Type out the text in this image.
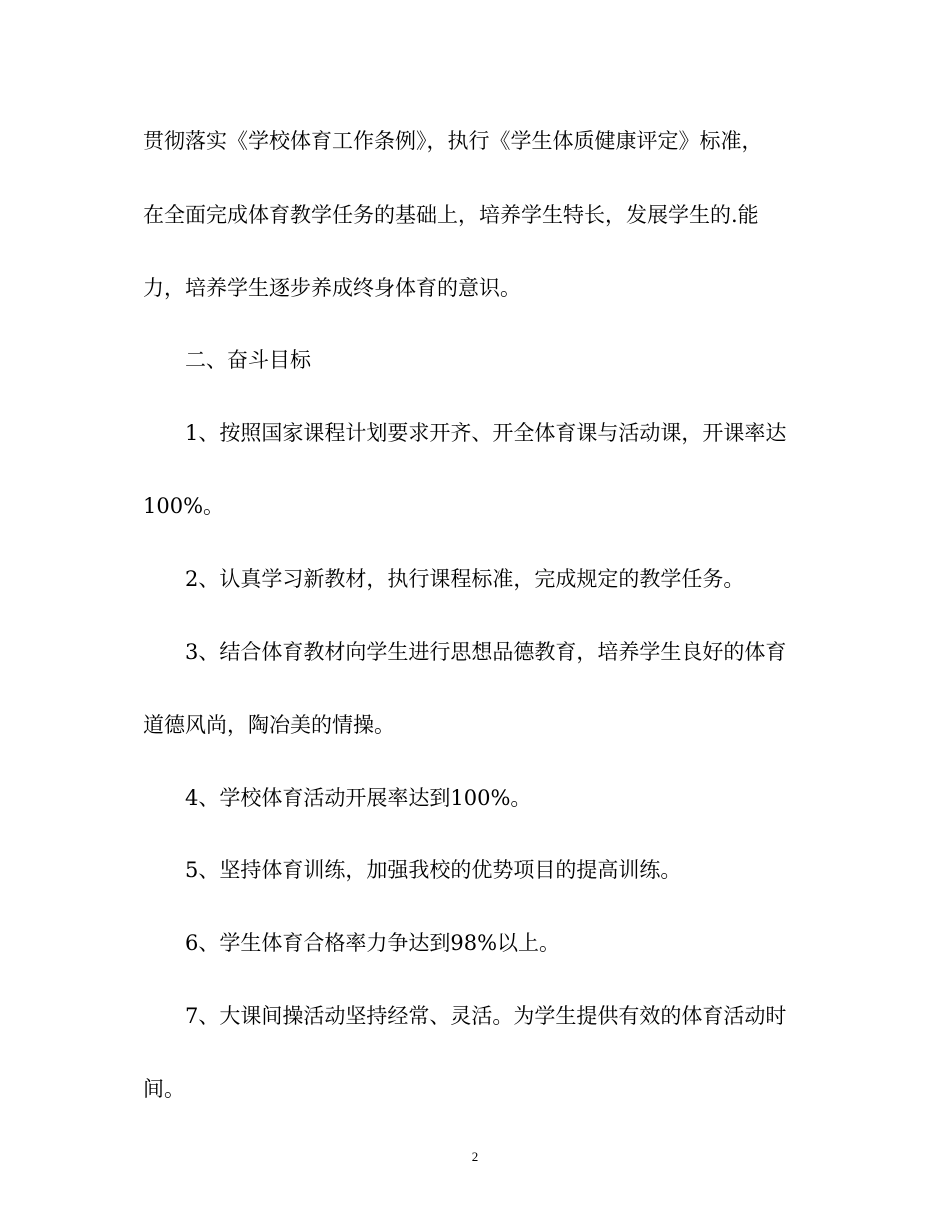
贯彻落实《学校体育工作条例》，执行《学生体质健康评定》标准，
在全面完成体育教学任务的基础上，培养学生特长，发展学生的.能
力，培养学生逐步养成终身体育的意识。
二、奋斗目标
1、按照国家课程计划要求开齐、开全体育课与活动课，开课率达
100%。
2、认真学习新教材，执行课程标准，完成规定的教学任务。
3、结合体育教材向学生进行思想品德教育，培养学生良好的体育
道德风尚，陶冶美的情操。
4、学校体育活动开展率达到100%。
5、坚持体育训练，加强我校的优势项目的提高训练。
6、学生体育合格率力争达到98%以上。
7、大课间操活动坚持经常、灵活。为学生提供有效的体育活动时
间。
2
